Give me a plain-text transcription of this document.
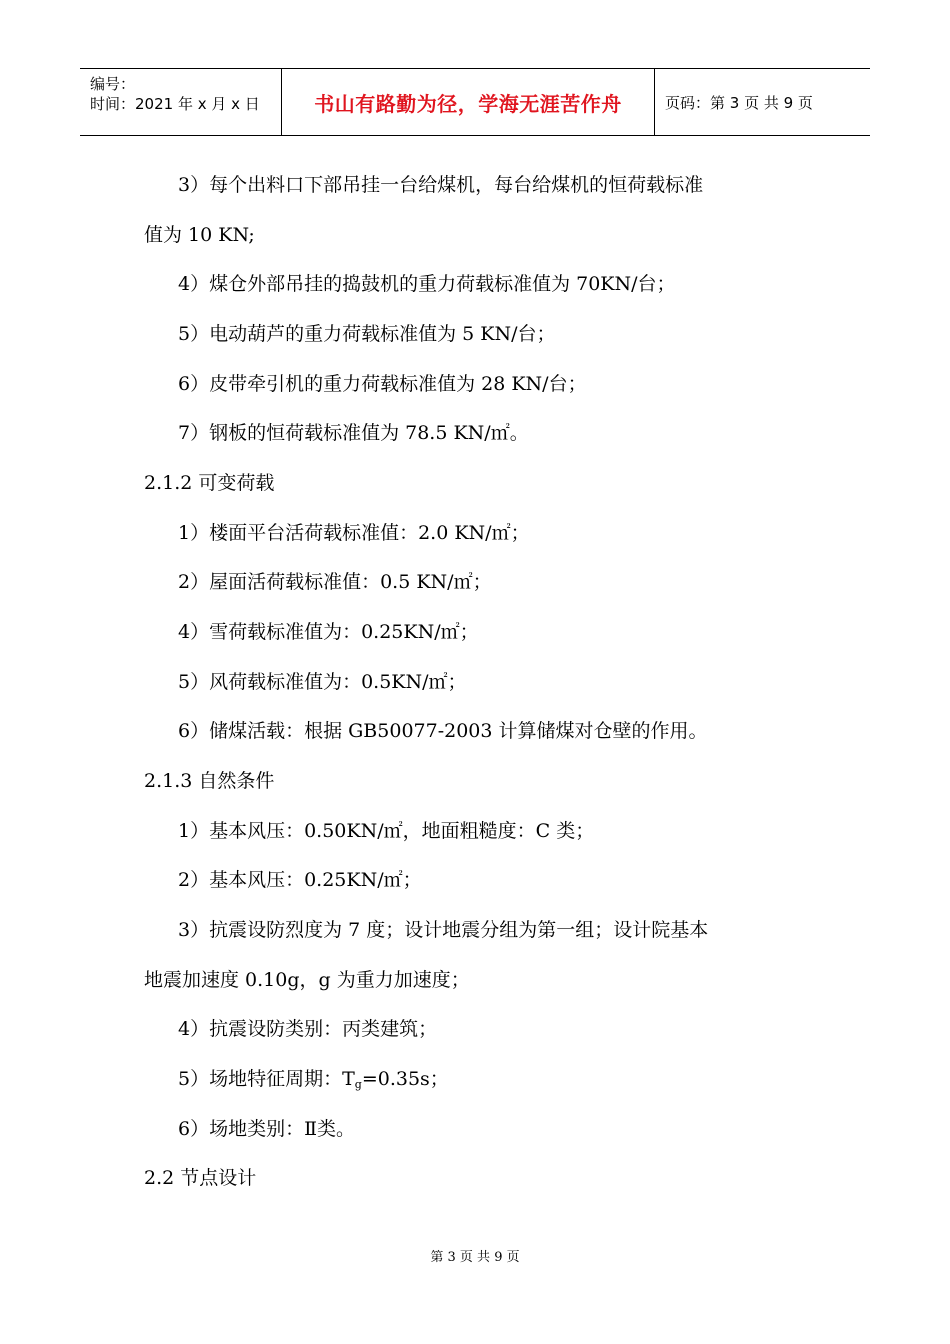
编号：
时间：2021 年 x 月 x 日	书山有路勤为径，学海无涯苦作舟	页码：第 3 页 共 9 页
3）每个出料口下部吊挂一台给煤机，每台给煤机的恒荷载标准
值为 10 KN;
4）煤仓外部吊挂的捣鼓机的重力荷载标准值为 70KN/台；
5）电动葫芦的重力荷载标准值为 5 KN/台；
6）皮带牵引机的重力荷载标准值为 28 KN/台；
7）钢板的恒荷载标准值为 78.5 KN/㎡。
2.1.2 可变荷载
1）楼面平台活荷载标准值：2.0 KN/㎡；
2）屋面活荷载标准值：0.5 KN/㎡；
4）雪荷载标准值为：0.25KN/㎡；
5）风荷载标准值为：0.5KN/㎡；
6）储煤活载：根据 GB50077-2003 计算储煤对仓壁的作用。
2.1.3 自然条件
1）基本风压：0.50KN/㎡，地面粗糙度：C 类；
2）基本风压：0.25KN/㎡；
3）抗震设防烈度为 7 度；设计地震分组为第一组；设计院基本
地震加速度 0.10g，g 为重力加速度；
4）抗震设防类别：丙类建筑；
5）场地特征周期：$T_g=0.35s$；
6）场地类别：Ⅱ类。
2.2 节点设计
第 3 页 共 9 页
